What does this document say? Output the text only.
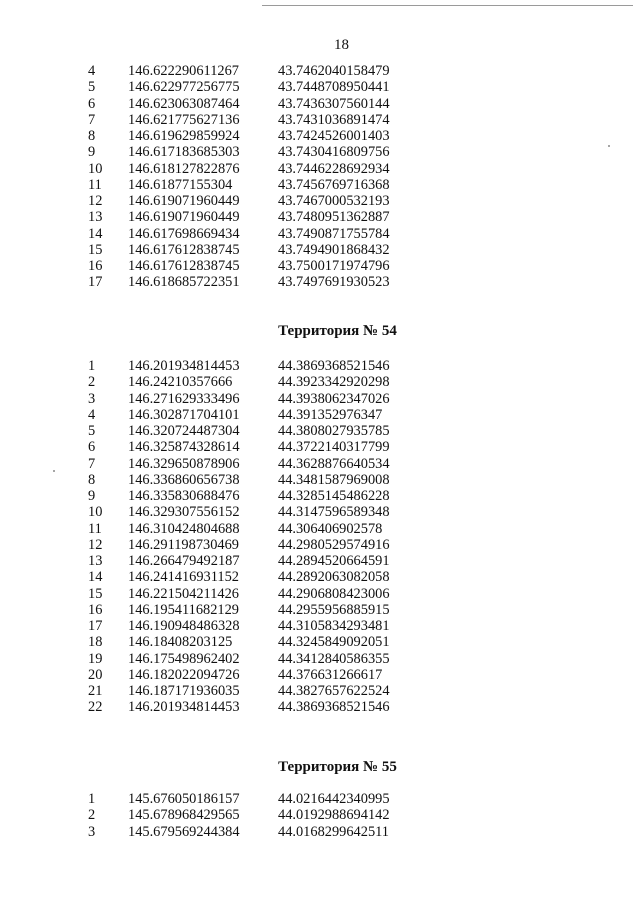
18
4	146.622290611267	43.7462040158479
5	146.622977256775	43.7448708950441
6	146.623063087464	43.7436307560144
7	146.621775627136	43.7431036891474
8	146.619629859924	43.7424526001403
9	146.617183685303	43.7430416809756
10	146.618127822876	43.7446228692934
11	146.61877155304	43.7456769716368
12	146.619071960449	43.7467000532193
13	146.619071960449	43.7480951362887
14	146.617698669434	43.7490871755784
15	146.617612838745	43.7494901868432
16	146.617612838745	43.7500171974796
17	146.618685722351	43.7497691930523
Территория № 54
1	146.201934814453	44.3869368521546
2	146.24210357666	44.3923342920298
3	146.271629333496	44.3938062347026
4	146.302871704101	44.391352976347
5	146.320724487304	44.3808027935785
6	146.325874328614	44.3722140317799
7	146.329650878906	44.3628876640534
8	146.336860656738	44.3481587969008
9	146.335830688476	44.3285145486228
10	146.329307556152	44.3147596589348
11	146.310424804688	44.306406902578
12	146.291198730469	44.2980529574916
13	146.266479492187	44.2894520664591
14	146.241416931152	44.2892063082058
15	146.221504211426	44.2906808423006
16	146.195411682129	44.2955956885915
17	146.190948486328	44.3105834293481
18	146.18408203125	44.3245849092051
19	146.175498962402	44.3412840586355
20	146.182022094726	44.376631266617
21	146.187171936035	44.3827657622524
22	146.201934814453	44.3869368521546
Территория № 55
1	145.676050186157	44.0216442340995
2	145.678968429565	44.0192988694142
3	145.679569244384	44.0168299642511
